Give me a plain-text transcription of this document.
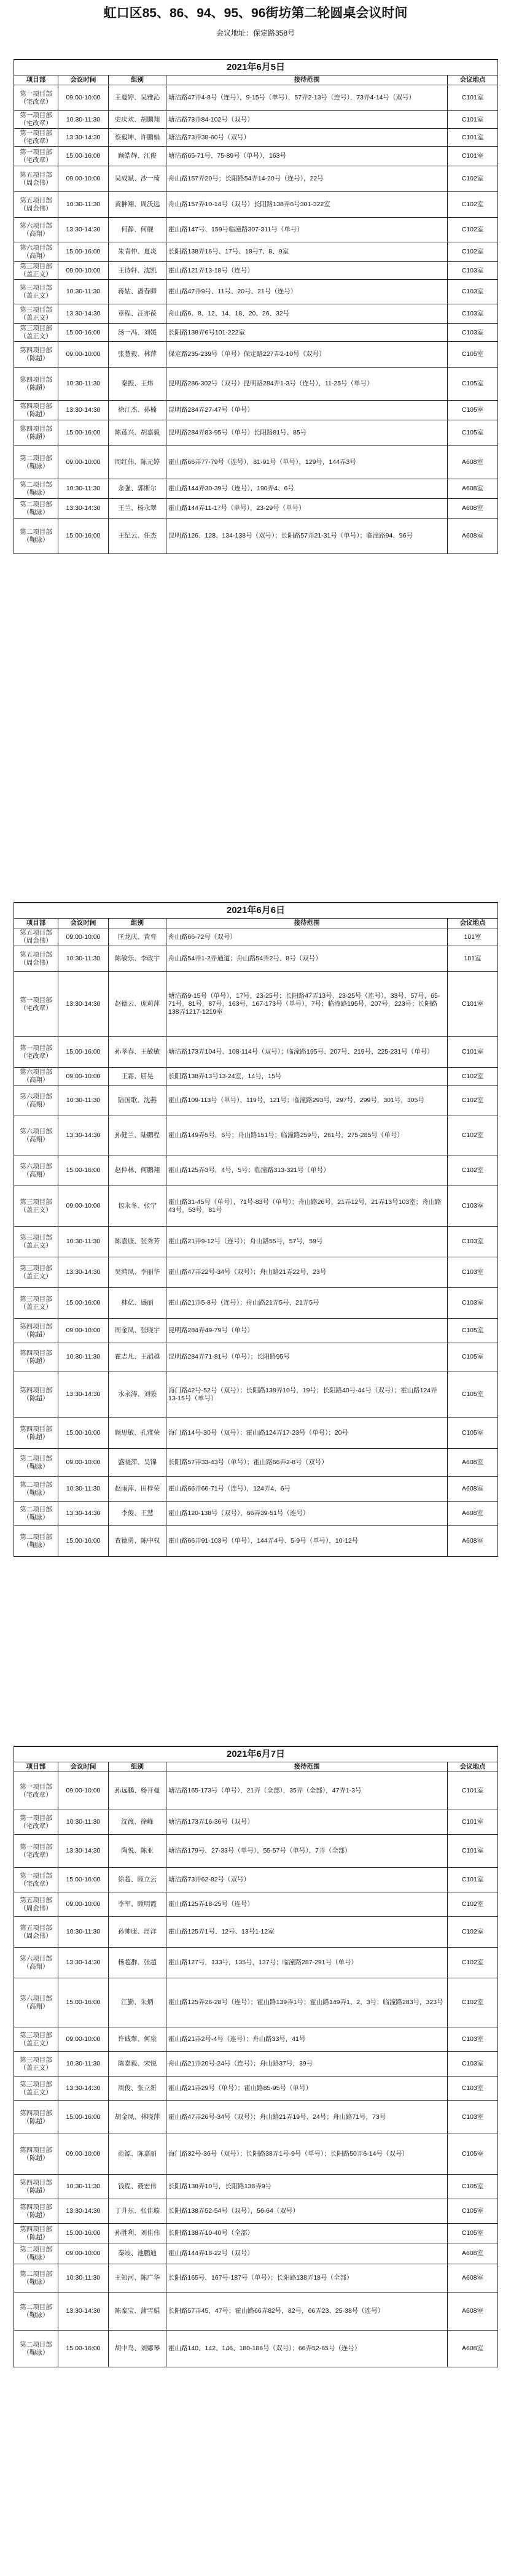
虹口区85、86、94、95、96街坊第二轮圆桌会议时间
会议地址：保定路358号
2021年6月5日				
项目部	会议时间	组别	接待范围	会议地点
第一项目部（宅改章）	09:00-10:00	王曼婷、吴雅沁	塘沽路47弄4-8号（连号），9-15号（单号），57弄2-13号（连号），73弄4-14号（双号）	C101室
第一项目部（宅改章）	10:30-11:30	史庆欢、胡鹏翔	塘沽路73弄84-102号（双号）	C101室
第一项目部（宅改章）	13:30-14:30	蔡毅坤、许鹏娟	塘沽路73弄38-60号（双号）	C101室
第一项目部（宅改章）	15:00-16:00	顾皓辉、江俊	塘沽路65-71号、75-89号（单号），163号	C101室
第五项目部（周金伟）	09:00-10:00	吴成斌、沙一琦	舟山路157弄20号；长阳路54弄14-20号（连号），22号	C102室
第五项目部（周金伟）	10:30-11:30	黄翀翔、周沃远	舟山路157弄10-14号（双号）长阳路138弄6号301-322室	C102室
第六项目部（高翔）	13:30-14:30	何静、何舰	霍山路147号、159号临潼路307-311号（单号）	C102室
第六项目部（高翔）	15:00-16:00	朱青仲、夏炎	长阳路138弄16号、17号、18号7、8、9室	C102室
第三项目部（盖正文）	09:00-10:00	王诗轩、沈凯	霍山路121弄13-18号（连号）	C103室
第三项目部（盖正文）	10:30-11:30	蒋姑、潘春卿	霍山路47弄9号、11号、20号、21号（连号）	C103室
第三项目部（盖正文）	13:30-14:30	章程、汪亦葆	舟山路6、8、12、14、18、20、26、32号	C103室
第三项目部（盖正文）	15:00-16:00	汤一冯、刘媛	长阳路138弄6号101-222室	C103室
第四项目部（陈超）	09:00-10:00	张慧毅、林萍	保定路235-239号（单号）保定路227弄2-10号（双号）	C105室
第四项目部（陈超）	10:30-11:30	秦振、王炜	昆明路286-302号（双号）昆明路284弄1-3号（连号），11-25号（单号）	C105室
第四项目部（陈超）	13:30-14:30	徐江杰、孙楠	昆明路284弄27-47号（单号）	C105室
第四项目部（陈超）	15:00-16:00	陈莲兴、胡嘉毅	昆明路284弄83-95号（单号）长阳路81号、85号	C105室
第二项目部（鞠泳）	09:00-10:00	周红伟、陈元婷	霍山路66弄77-79号（连号），81-91号（单号），129号，144弄3号	A608室
第二项目部（鞠泳）	10:30-11:30	余强、郭斯尔	霍山路144弄30-39号（连号），190弄4、6号	A608室
第二项目部（鞠泳）	13:30-14:30	王兰、杨永翠	霍山路144弄11-17号（单号），23-29号（单号）	A608室
第二项目部（鞠泳）	15:00-16:00	王纪云、任杰	昆明路126、128、134-138号（双号）；长阳路57弄21-31号（单号）；临潼路94、96号	A608室
2021年6月6日				
项目部	会议时间	组别	接待范围	会议地点
第五项目部（周金伟）	09:00-10:00	匡龙庆、黄育	舟山路66-72号（双号）	101室
第五项目部（周金伟）	10:30-11:30	陈敏乐、李政宇	舟山路54弄1-2弄通道；舟山路54弄2号、8号（双号）	101室
第一项目部（宅改章）	13:30-14:30	赵德云、庞莉萍	塘沽路9-15号（单号），17号，23-25号；长阳路47弄13号、23-25号（连号），33号，57号，65-71号，81号，87号，163号，167-173号（单号），7号；临潼路195号，207号，223号；长阳路138弄1217-1219室	C101室
第一项目部（宅改章）	15:00-16:00	孙孝春、王敏敏	塘沽路173弄104号、108-114号（双号）；临潼路195号、207号、219号、225-231号（单号）	C101室
第六项目部（高翔）	09:00-10:00	王霜、屈晃	长阳路138弄13号13-24室，14号，15号	C102室
第六项目部（高翔）	10:30-11:30	陆国歌、沈燕	霍山路109-113号（单号），119号，121号；临潼路293号，297号，299号，301号，305号	C102室
第六项目部（高翔）	13:30-14:30	孙健兰、陆鹏程	霍山路149弄5号，6号；舟山路151号；临潼路259号，261号，275-285号（单号）	C102室
第六项目部（高翔）	15:00-16:00	赵仲林、何鹏翔	霍山路125弄3号，4号，5号；临潼路313-321号（单号）	C102室
第三项目部（盖正文）	09:00-10:00	包永冬、张宁	霍山路31-45号（单号），71号-83号（单号）；舟山路26号，21弄12号，21弄13号103室；舟山路43号，53号，81号	C103室
第三项目部（盖正文）	10:30-11:30	陈嘉康、张秀芳	霍山路21弄9-12号（连号）；舟山路55号，57号，59号	C103室
第三项目部（盖正文）	13:30-14:30	吴鸿凤、李丽华	霍山路47弄22号-34号（双号）；舟山路21弄22号，23号	C103室
第三项目部（盖正文）	15:00-16:00	林亿、盛丽	霍山路21弄5-8号（连号）；舟山路21弄5号，21弄5号	C103室
第四项目部（陈超）	09:00-10:00	周金凤、张晓宇	昆明路284弄49-79号（单号）	C105室
第四项目部（陈超）	10:30-11:30	霍志凡、王韶越	昆明路284弄71-81号（单号）；长阳路95号	C105室
第四项目部（陈超）	13:30-14:30	水永涛、刘骏	海门路42号-52号（双号）；长阳路138弄10号，19号；长阳路40号-44号（双号）；霍山路124弄13-15号（单号）	C105室
第四项目部（陈超）	15:00-16:00	顾思敏、孔雅荣	海门路14号-30号（双号）；霍山路124弄17-23号（单号）；20号	C105室
第二项目部（鞠泳）	09:00-10:00	盛晓萍、吴锦	长阳路57弄33-43号（单号）；霍山路66弄2-8号（双号）	A608室
第二项目部（鞠泳）	10:30-11:30	赵雨萍、田梓荣	霍山路66弄66-71号（连号），124弄4、6号	A608室
第二项目部（鞠泳）	13:30-14:30	李俊、王慧	霍山路120-138号（双号），66弄39-51号（连号）	A608室
第二项目部（鞠泳）	15:00-16:00	查德勇、陈中权	霍山路66弄91-103号（单号），144弄4号、5-9号（单号），10-12号	A608室
2021年6月7日				
项目部	会议时间	组别	接待范围	会议地点
第一项目部（宅改章）	09:00-10:00	孙远鹏、杨开曼	塘沽路165-173号（单号），21弄（全部），35弄（全部），47弄1-3号	C101室
第一项目部（宅改章）	10:30-11:30	沈薇、徐峰	塘沽路173弄16-36号（双号）	C101室
第一项目部（宅改章）	13:30-14:30	陶悦、陈亚	塘沽路179号，27-33号（单号），55-57号（单号），7弄（全部）	C101室
第一项目部（宅改章）	15:00-16:00	徐超、顾立云	塘沽路73弄62-82号（双号）	C101室
第五项目部（周金伟）	09:00-10:00	李军、顾明霞	霍山路125弄18-25号（连号）	C102室
第五项目部（周金伟）	10:30-11:30	孙帅康、周洋	霍山路125弄1号、12号、13号1-12室	C102室
第六项目部（高翔）	13:30-14:30	杨超群、张超	霍山路127号，133号，135号，137号；临潼路287-291号（单号）	C102室
第六项目部（高翔）	15:00-16:00	江勤、朱炳	霍山路125弄26-28号（连号）；霍山路139弄1号；霍山路149弄1、2、3号；临潼路283号，323号	C102室
第三项目部（盖正文）	09:00-10:00	许诚翠、何泉	霍山路21弄2号-4号（连号）；舟山路33号，41号	C103室
第三项目部（盖正文）	10:30-11:30	陈嘉毅、宋悦	舟山路21弄20号-24号（连号）；舟山路37号，39号	C103室
第三项目部（盖正文）	13:30-14:30	周俊、张立新	霍山路21弄29号（单号）；霍山路85-95号（单号）	C103室
第四项目部（陈超）	15:00-16:00	胡金凤、林晓萍	霍山路47弄26号-34号（双号）；舟山路21弄19号、24号；舟山路71号，73号	C103室
第四项目部（陈超）	09:00-10:00	范源、陈嘉丽	海门路32号-36号（双号）；长阳路38弄1号-9号（单号）；长阳路50弄6-14号（双号）	C105室
第四项目部（陈超）	10:30-11:30	钱程、聂宏伟	长阳路138弄10号，长阳路138弄9号	C105室
第四项目部（陈超）	13:30-14:30	丁升东、张佳璇	长阳路138弄52-54号（双号），56-64（双号）	C105室
第四项目部（陈超）	15:00-16:00	孙胜利、刘佳伟	长阳路138弄10-40号（全部）	C105室
第二项目部（鞠泳）	09:00-10:00	秦竣、池鹏迪	霍山路144弄18-22号（双号）	A608室
第二项目部（鞠泳）	10:30-11:30	王知河、陈广华	长阳路165号，167号-187号（单号）；长阳路138弄18号（全部）	A608室
第二项目部（鞠泳）	13:30-14:30	陈泰宝、蒲雪娟	长阳路57弄45，47号；霍山路66弄82号，82号，66弄23、25-38号（连号）	A608室
第二项目部（鞠泳）	15:00-16:00	胡中鸟、刘娜琴	霍山路140、142、146、180-186号（双号）；66弄52-65号（连号）	A608室
